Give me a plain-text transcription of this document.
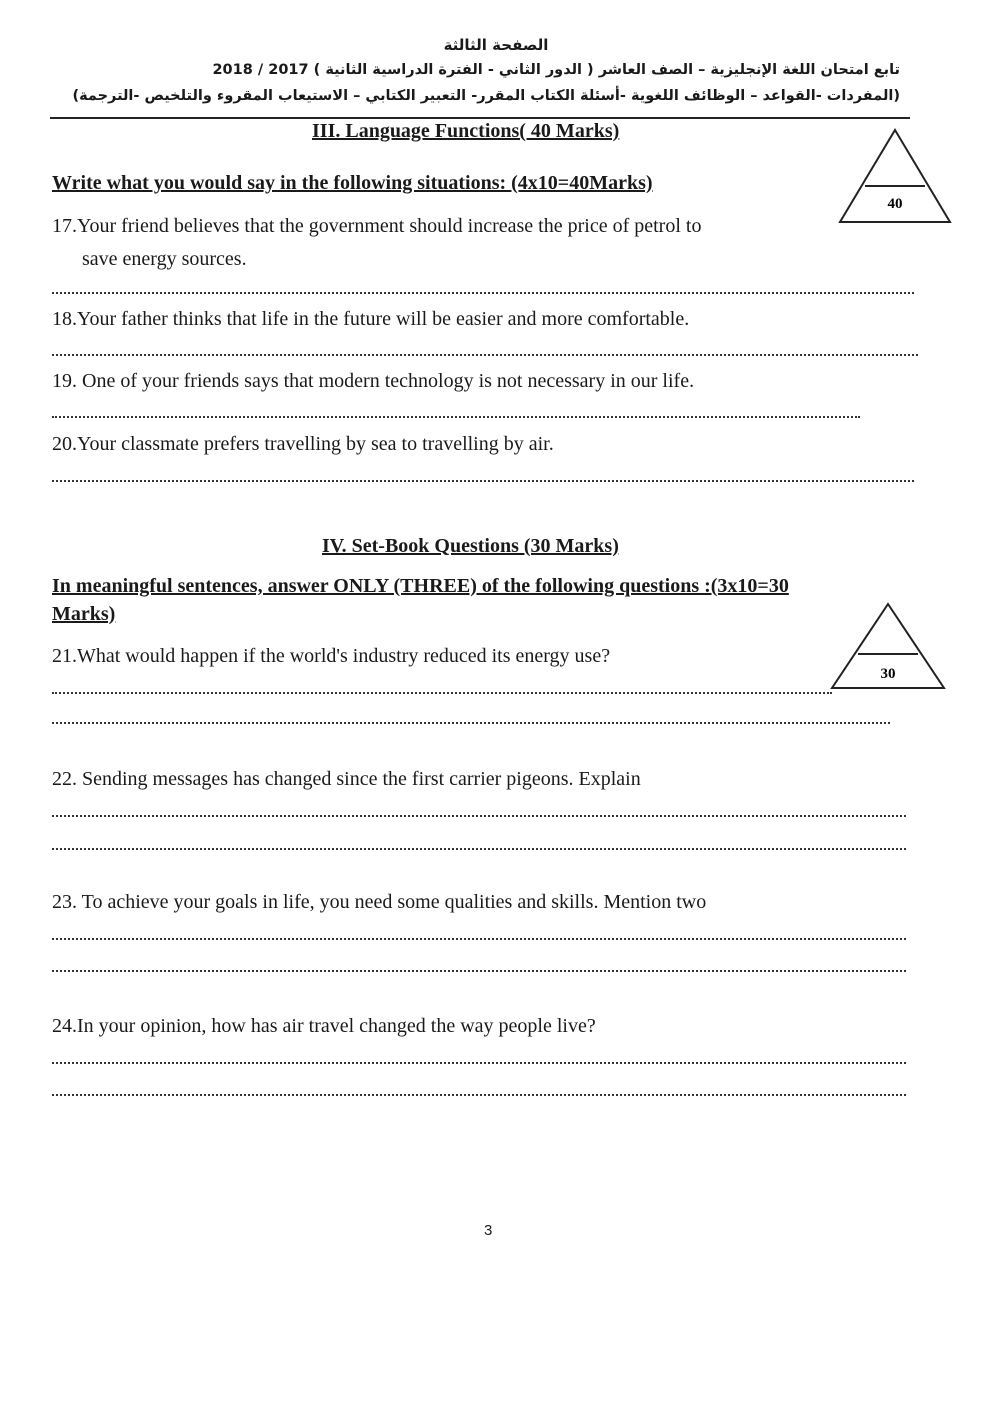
الصفحة الثالثة
تابع امتحان اللغة الإنجليزية – الصف العاشر ( الدور الثاني - الفترة الدراسية الثانية ) 2017 / 2018
(المفردات -القواعد – الوظائف اللغوية -أسئلة الكتاب المقرر- التعبير الكتابي – الاستيعاب المقروء والتلخيص -الترجمة)
III. Language Functions( 40 Marks)
40
Write what you would say in the following situations: (4x10=40Marks)
17.Your friend believes that the government should increase the price of petrol to
save energy sources.
18.Your father thinks that life in the future will be easier and more comfortable.
19. One of your friends says that modern technology is not necessary in our life.
20.Your classmate prefers travelling by sea to travelling by air.
IV. Set-Book Questions (30 Marks)
In meaningful sentences, answer ONLY (THREE) of the following questions :(3x10=30
Marks)
30
21.What would happen if the world's industry reduced its energy use?
22. Sending messages has changed since the first carrier pigeons. Explain
23. To achieve your goals in life, you need some qualities and skills. Mention two
24.In your opinion, how has air travel changed the way people live?
3
